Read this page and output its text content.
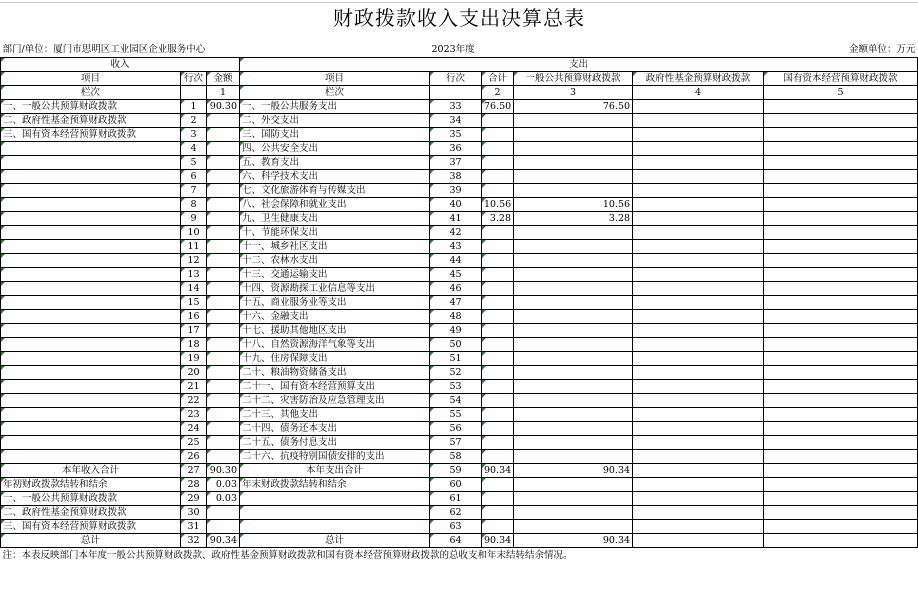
财政拨款收入支出决算总表
部门/单位：厦门市思明区工业园区企业服务中心				2023年度			金额单位：万元	
收入			支出					
项目	行次	金额	项目	行次	合计	一般公共预算财政拨款	政府性基金预算财政拨款	国有资本经营预算财政拨款
栏次		1	栏次		2	3	4	5
一、一般公共预算财政拨款	1	90.30	一、一般公共服务支出	33	76.50	76.50		
二、政府性基金预算财政拨款	2		二、外交支出	34				
三、国有资本经营预算财政拨款	3		三、国防支出	35				
	4		四、公共安全支出	36				
	5		五、教育支出	37				
	6		六、科学技术支出	38				
	7		七、文化旅游体育与传媒支出	39				
	8		八、社会保障和就业支出	40	10.56	10.56		
	9		九、卫生健康支出	41	3.28	3.28		
	10		十、节能环保支出	42				
	11		十一、城乡社区支出	43				
	12		十二、农林水支出	44				
	13		十三、交通运输支出	45				
	14		十四、资源勘探工业信息等支出	46				
	15		十五、商业服务业等支出	47				
	16		十六、金融支出	48				
	17		十七、援助其他地区支出	49				
	18		十八、自然资源海洋气象等支出	50				
	19		十九、住房保障支出	51				
	20		二十、粮油物资储备支出	52				
	21		二十一、国有资本经营预算支出	53				
	22		二十二、灾害防治及应急管理支出	54				
	23		二十三、其他支出	55				
	24		二十四、债务还本支出	56				
	25		二十五、债务付息支出	57				
	26		二十六、抗疫特别国债安排的支出	58				
本年收入合计	27	90.30	本年支出合计	59	90.34	90.34		
年初财政拨款结转和结余	28	0.03	年末财政拨款结转和结余	60				
一、一般公共预算财政拨款	29	0.03		61				
二、政府性基金预算财政拨款	30			62				
三、国有资本经营预算财政拨款	31			63				
总计	32	90.34	总计	64	90.34	90.34		
注：本表反映部门本年度一般公共预算财政拨款、政府性基金预算财政拨款和国有资本经营预算财政拨款的总收支和年末结转结余情况。								
